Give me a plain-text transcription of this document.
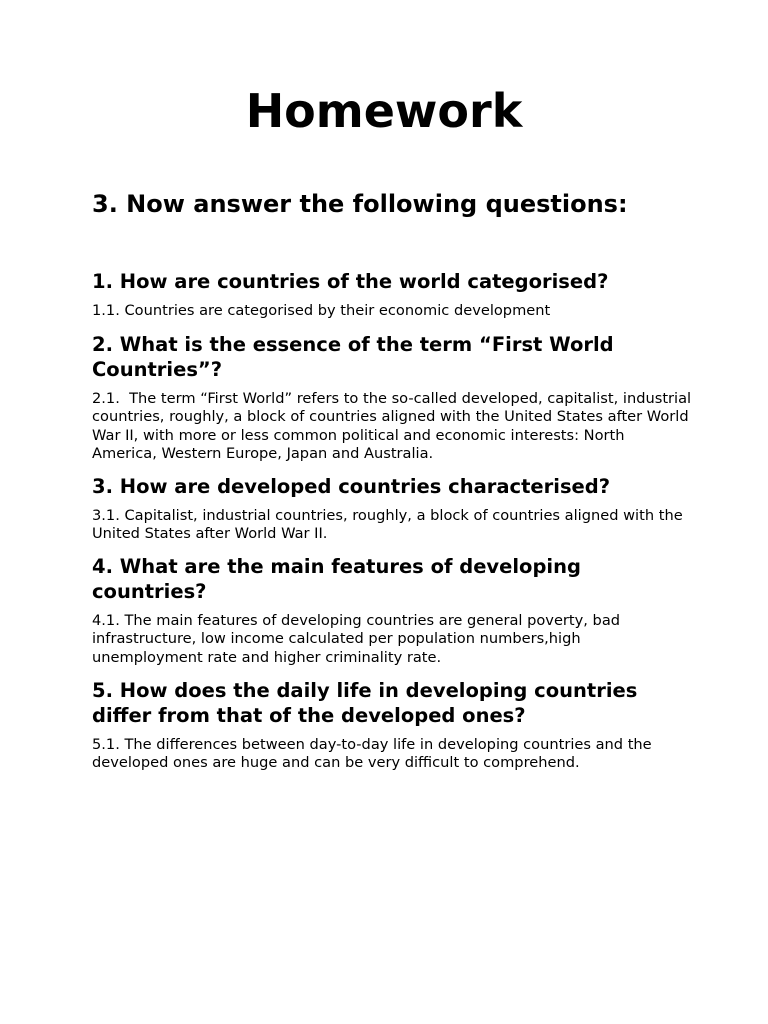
Homework
3. Now answer the following questions:

1. How are countries of the world categorised?

1.1. Countries are categorised by their economic development

2. What is the essence of the term “First World Countries”?

2.1.  The term “First World” refers to the so-called developed, capitalist, industrial countries, roughly, a block of countries aligned with the United States after World War II, with more or less common political and economic interests: North America, Western Europe, Japan and Australia.

3. How are developed countries characterised?

3.1. Capitalist, industrial countries, roughly, a block of countries aligned with the United States after World War II.

4. What are the main features of developing countries?

4.1. The main features of developing countries are general poverty, bad infrastructure, low income calculated per population numbers,high unemployment rate and higher criminality rate.

5. How does the daily life in developing countries differ from that of the developed ones?

5.1. The differences between day-to-day life in developing countries and the developed ones are huge and can be very difficult to comprehend.
